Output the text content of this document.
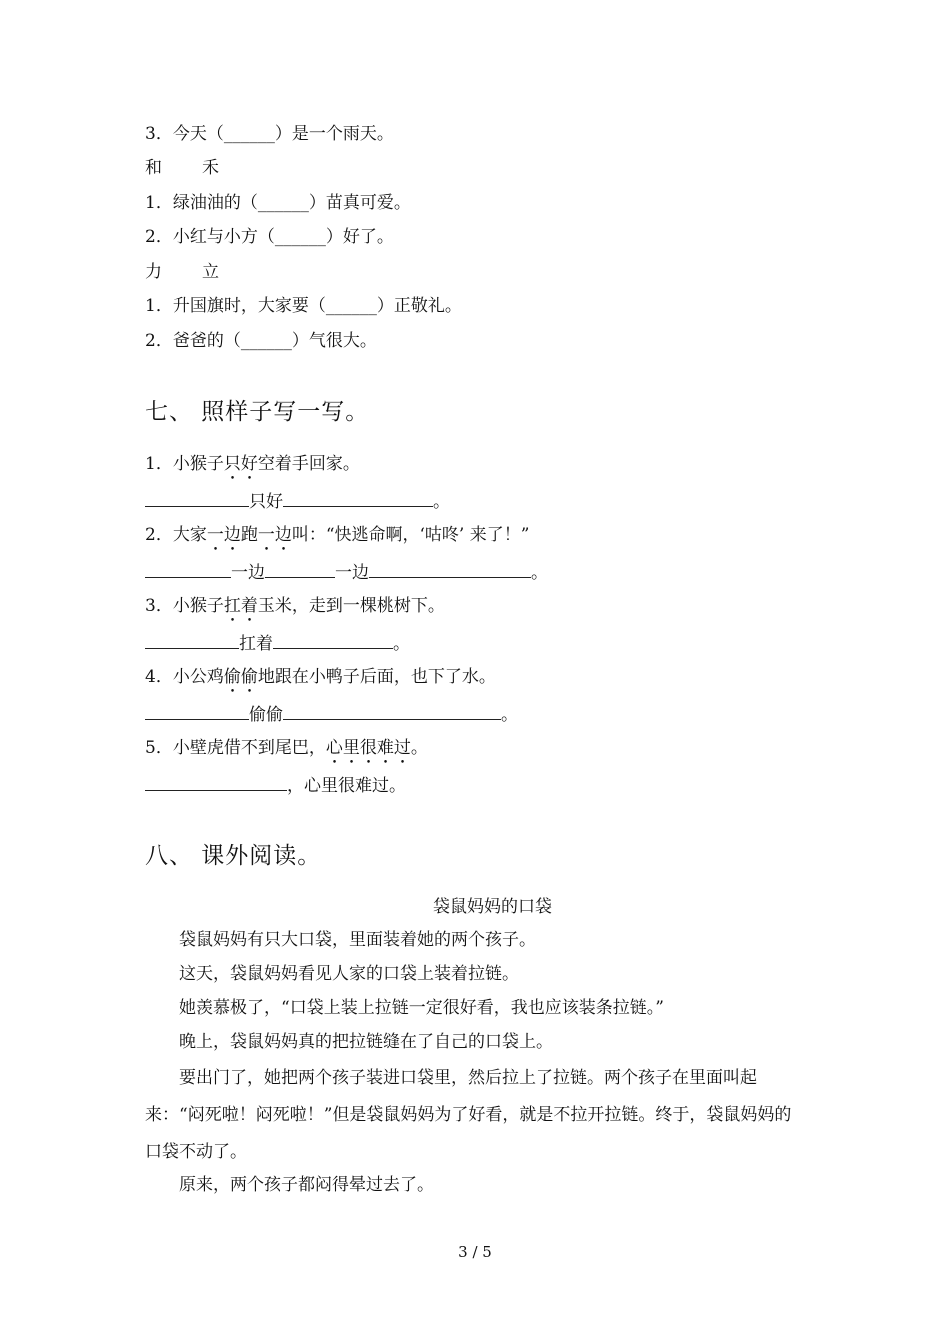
3．今天（______）是一个雨天。
和 禾
1．绿油油的（______）苗真可爱。
2．小红与小方（______）好了。
力 立
1．升国旗时，大家要（______）正敬礼。
2．爸爸的（______）气很大。
七、 照样子写一写。
1．小猴子只好空着手回家。
只好	。
2．大家一边跑一边叫：“快逃命啊，‘咕咚’ 来了！”
一边	一边	。
3．小猴子扛着玉米，走到一棵桃树下。
扛着	。
4．小公鸡偷偷地跟在小鸭子后面，也下了水。
偷偷	。
5．小壁虎借不到尾巴，心里很难过。
，心里很难过。
八、 课外阅读。
袋鼠妈妈的口袋
袋鼠妈妈有只大口袋，里面装着她的两个孩子。
这天，袋鼠妈妈看见人家的口袋上装着拉链。
她羡慕极了，“口袋上装上拉链一定很好看，我也应该装条拉链。”
晚上，袋鼠妈妈真的把拉链缝在了自己的口袋上。
要出门了，她把两个孩子装进口袋里，然后拉上了拉链。两个孩子在里面叫起来：“闷死啦！闷死啦！”但是袋鼠妈妈为了好看，就是不拉开拉链。终于，袋鼠妈妈的口袋不动了。
原来，两个孩子都闷得晕过去了。
3 / 5
